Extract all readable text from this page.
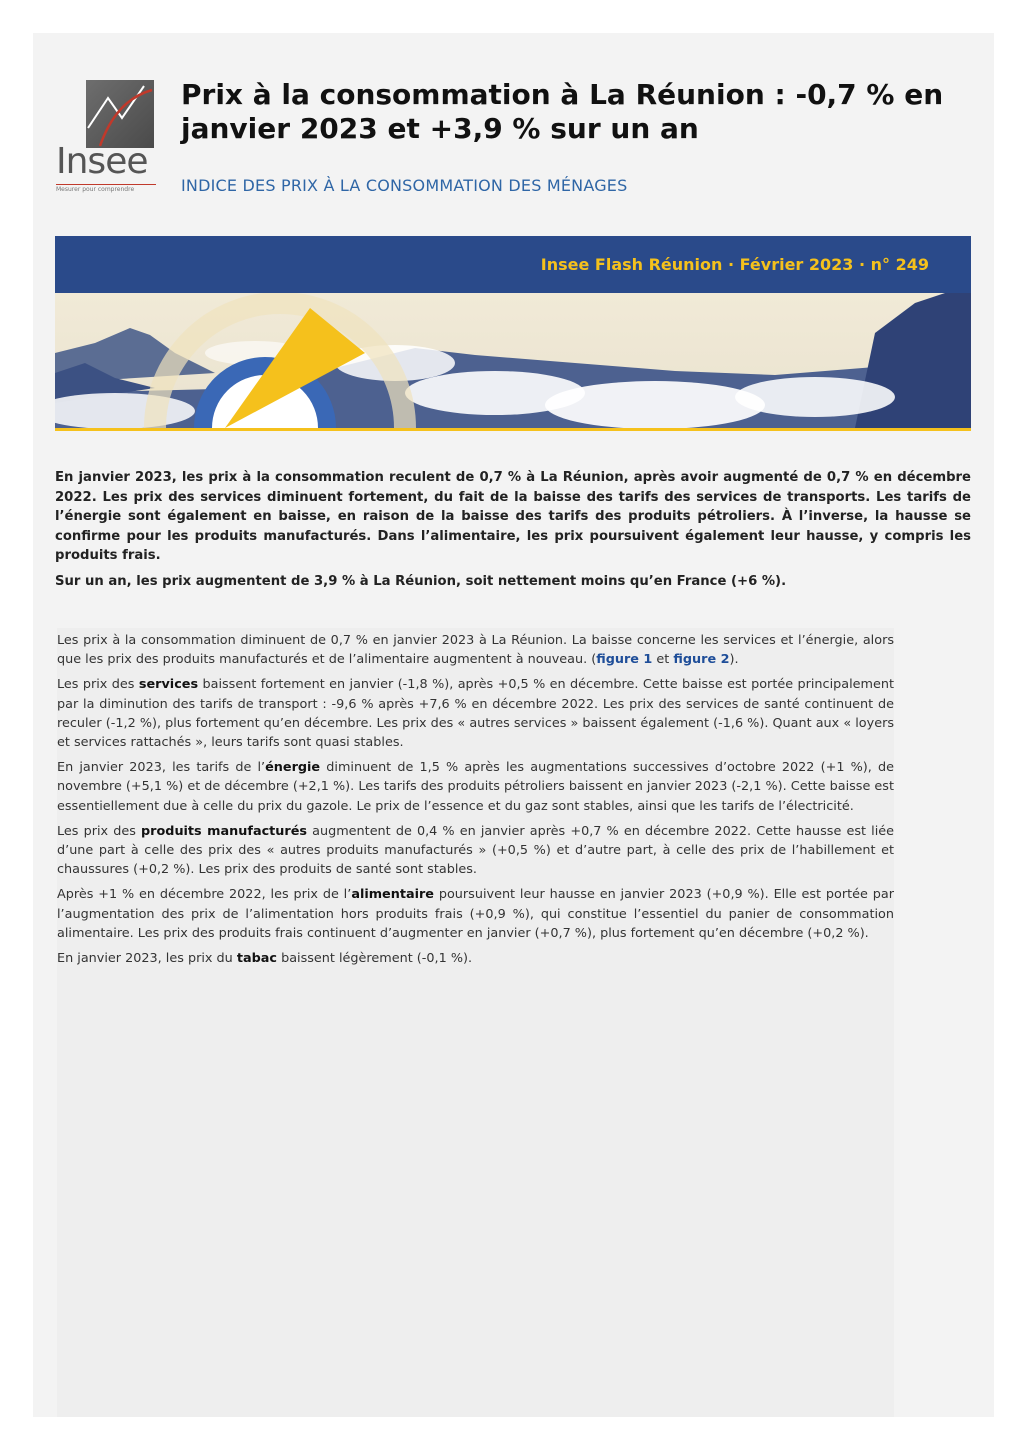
Insee
Mesurer pour comprendre
Prix à la consommation à La Réunion : -0,7 % en janvier 2023 et +3,9 % sur un an
INDICE DES PRIX À LA CONSOMMATION DES MÉNAGES
Insee Flash Réunion · Février 2023 · n° 249

En janvier 2023, les prix à la consommation reculent de 0,7 % à La Réunion, après avoir augmenté de 0,7 % en décembre 2022. Les prix des services diminuent fortement, du fait de la baisse des tarifs des services de transports. Les tarifs de l’énergie sont également en baisse, en raison de la baisse des tarifs des produits pétroliers. À l’inverse, la hausse se confirme pour les produits manufacturés. Dans l’alimentaire, les prix poursuivent également leur hausse, y compris les produits frais.

Sur un an, les prix augmentent de 3,9 % à La Réunion, soit nettement moins qu’en France (+6 %).

Les prix à la consommation diminuent de 0,7 % en janvier 2023 à La Réunion. La baisse concerne les services et l’énergie, alors que les prix des produits manufacturés et de l’alimentaire augmentent à nouveau. (figure 1 et figure 2).

Les prix des services baissent fortement en janvier (-1,8 %), après +0,5 % en décembre. Cette baisse est portée principalement par la diminution des tarifs de transport : -9,6 % après +7,6 % en décembre 2022. Les prix des services de santé continuent de reculer (-1,2 %), plus fortement qu’en décembre. Les prix des « autres services » baissent également (-1,6 %). Quant aux « loyers et services rattachés », leurs tarifs sont quasi stables.

En janvier 2023, les tarifs de l’énergie diminuent de 1,5 % après les augmentations successives d’octobre 2022 (+1 %), de novembre (+5,1 %) et de décembre (+2,1 %). Les tarifs des produits pétroliers baissent en janvier 2023 (-2,1 %). Cette baisse est essentiellement due à celle du prix du gazole. Le prix de l’essence et du gaz sont stables, ainsi que les tarifs de l’électricité.

Les prix des produits manufacturés augmentent de 0,4 % en janvier après +0,7 % en décembre 2022. Cette hausse est liée d’une part à celle des prix des « autres produits manufacturés » (+0,5 %) et d’autre part, à celle des prix de l’habillement et chaussures (+0,2 %). Les prix des produits de santé sont stables.

Après +1 % en décembre 2022, les prix de l’alimentaire poursuivent leur hausse en janvier 2023 (+0,9 %). Elle est portée par l’augmentation des prix de l’alimentation hors produits frais (+0,9 %), qui constitue l’essentiel du panier de consommation alimentaire. Les prix des produits frais continuent d’augmenter en janvier (+0,7 %), plus fortement qu’en décembre (+0,2 %).

En janvier 2023, les prix du tabac baissent légèrement (-0,1 %).
